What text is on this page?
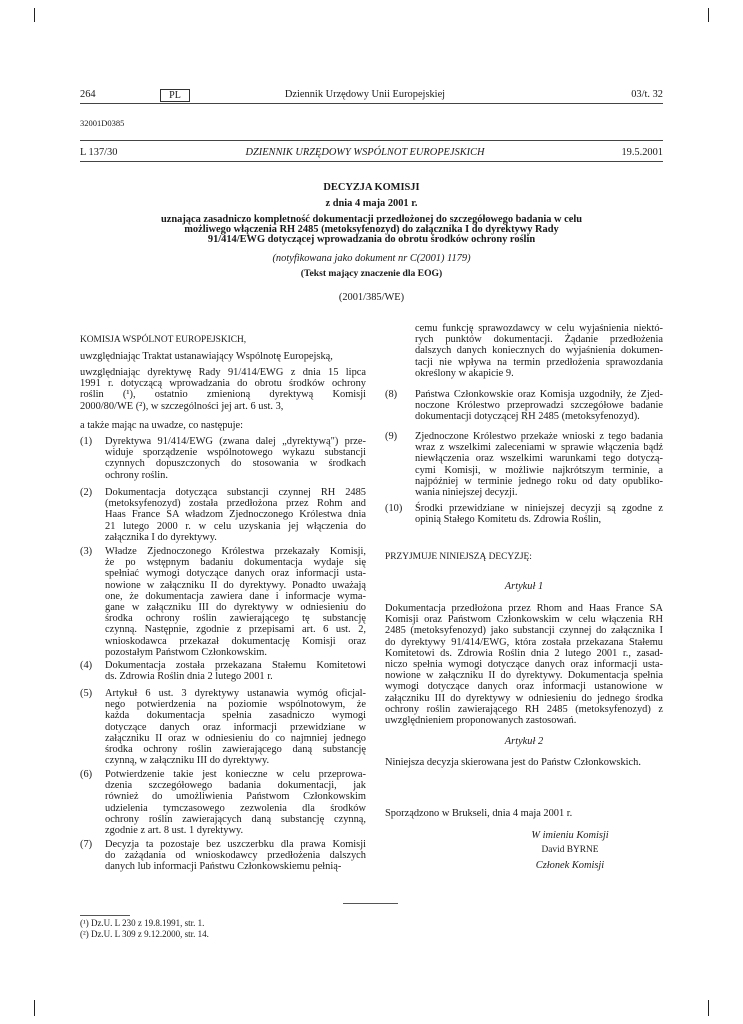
264	PL	Dziennik Urzędowy Unii Europejskiej	03/t. 32
32001D0385
L 137/30	DZIENNIK URZĘDOWY WSPÓLNOT EUROPEJSKICH	19.5.2001
DECYZJA KOMISJI
z dnia 4 maja 2001 r.
uznająca zasadniczo kompletność dokumentacji przedłożonej do szczegółowego badania w celu
możliwego włączenia RH 2485 (metoksyfenozyd) do załącznika I do dyrektywy Rady
91/414/EWG dotyczącej wprowadzania do obrotu środków ochrony roślin
(notyfikowana jako dokument nr C(2001) 1179)
(Tekst mający znaczenie dla EOG)
(2001/385/WE)
KOMISJA WSPÓLNOT EUROPEJSKICH,
uwzględniając Traktat ustanawiający Wspólnotę Europejską,
uwzględniając dyrektywę Rady 91/414/EWG z dnia 15 lipca
1991 r. dotyczącą wprowadzania do obrotu środków ochrony
roślin (¹), ostatnio zmienioną dyrektywą Komisji
2000/80/WE (²), w szczególności jej art. 6 ust. 3,
a także mając na uwadze, co następuje:
(1) Dyrektywa 91/414/EWG (zwana dalej „dyrektywą") prze-
widuje sporządzenie wspólnotowego wykazu substancji
czynnych dopuszczonych do stosowania w środkach
ochrony roślin.
(2) Dokumentacja dotycząca substancji czynnej RH 2485
(metoksyfenozyd) została przedłożona przez Rohm and
Haas France SA władzom Zjednoczonego Królestwa dnia
21 lutego 2000 r. w celu uzyskania jej włączenia do
załącznika I do dyrektywy.
(3) Władze Zjednoczonego Królestwa przekazały Komisji,
że po wstępnym badaniu dokumentacja wydaje się
spełniać wymogi dotyczące danych oraz informacji usta-
nowione w załączniku II do dyrektywy. Ponadto uważają
one, że dokumentacja zawiera dane i informacje wyma-
gane w załączniku III do dyrektywy w odniesieniu do
środka ochrony roślin zawierającego tę substancję
czynną. Następnie, zgodnie z przepisami art. 6 ust. 2,
wnioskodawca przekazał dokumentację Komisji oraz
pozostałym Państwom Członkowskim.
(4) Dokumentacja została przekazana Stałemu Komitetowi
ds. Zdrowia Roślin dnia 2 lutego 2001 r.
(5) Artykuł 6 ust. 3 dyrektywy ustanawia wymóg oficjal-
nego potwierdzenia na poziomie wspólnotowym, że
każda dokumentacja spełnia zasadniczo wymogi
dotyczące danych oraz informacji przewidziane w
załączniku II oraz w odniesieniu do co najmniej jednego
środka ochrony roślin zawierającego daną substancję
czynną, w załączniku III do dyrektywy.
(6) Potwierdzenie takie jest konieczne w celu przeprowa-
dzenia szczegółowego badania dokumentacji, jak
również do umożliwienia Państwom Członkowskim
udzielenia tymczasowego zezwolenia dla środków
ochrony roślin zawierających daną substancję czynną,
zgodnie z art. 8 ust. 1 dyrektywy.
(7) Decyzja ta pozostaje bez uszczerbku dla prawa Komisji
do zażądania od wnioskodawcy przedłożenia dalszych
danych lub informacji Państwu Członkowskiemu pełnią-
cemu funkcję sprawozdawcy w celu wyjaśnienia niektó-
rych punktów dokumentacji. Żądanie przedłożenia
dalszych danych koniecznych do wyjaśnienia dokumen-
tacji nie wpływa na termin przedłożenia sprawozdania
określony w akapicie 9.
(8) Państwa Członkowskie oraz Komisja uzgodniły, że Zjed-
noczone Królestwo przeprowadzi szczegółowe badanie
dokumentacji dotyczącej RH 2485 (metoksyfenozyd).
(9) Zjednoczone Królestwo przekaże wnioski z tego badania
wraz z wszelkimi zaleceniami w sprawie włączenia bądź
niewłączenia oraz wszelkimi warunkami tego dotyczą-
cymi Komisji, w możliwie najkrótszym terminie, a
najpóźniej w terminie jednego roku od daty opubliko-
wania niniejszej decyzji.
(10) Środki przewidziane w niniejszej decyzji są zgodne z
opinią Stałego Komitetu ds. Zdrowia Roślin,
PRZYJMUJE NINIEJSZĄ DECYZJĘ:
Artykuł 1
Dokumentacja przedłożona przez Rhom and Haas France SA
Komisji oraz Państwom Członkowskim w celu włączenia RH
2485 (metoksyfenozyd) jako substancji czynnej do załącznika I
do dyrektywy 91/414/EWG, która została przekazana Stałemu
Komitetowi ds. Zdrowia Roślin dnia 2 lutego 2001 r., zasad-
niczo spełnia wymogi dotyczące danych oraz informacji usta-
nowione w załączniku II do dyrektywy. Dokumentacja spełnia
wymogi dotyczące danych oraz informacji ustanowione w
załączniku III do dyrektywy w odniesieniu do jednego środka
ochrony roślin zawierającego RH 2485 (metoksyfenozyd) z
uwzględnieniem proponowanych zastosowań.
Artykuł 2
Niniejsza decyzja skierowana jest do Państw Członkowskich.
Sporządzono w Brukseli, dnia 4 maja 2001 r.
W imieniu Komisji
David BYRNE
Członek Komisji
(¹) Dz.U. L 230 z 19.8.1991, str. 1.
(²) Dz.U. L 309 z 9.12.2000, str. 14.
